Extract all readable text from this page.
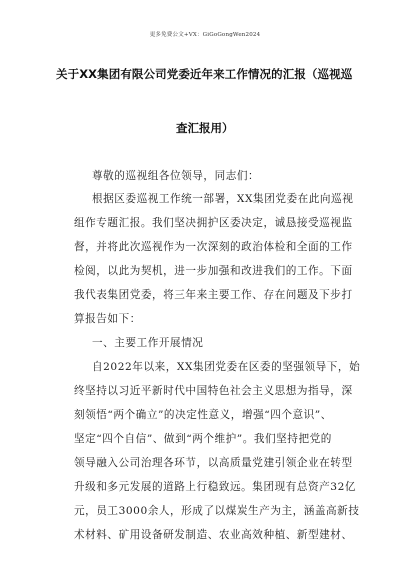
更多免费公文+VX：GiGoGongWen2024
关于XX集团有限公司党委近年来工作情况的汇报（巡视巡
查汇报用）
尊敬的巡视组各位领导，同志们：
根据区委巡视工作统一部署，XX集团党委在此向巡视
组作专题汇报。我们坚决拥护区委决定，诚恳接受巡视监
督，并将此次巡视作为一次深刻的政治体检和全面的工作
检阅，以此为契机，进一步加强和改进我们的工作。下面
我代表集团党委，将三年来主要工作、存在问题及下步打
算报告如下：
一、主要工作开展情况
自2022年以来，XX集团党委在区委的坚强领导下，始
终坚持以习近平新时代中国特色社会主义思想为指导，深
刻领悟“两个确立”的决定性意义，增强“四个意识”、
坚定“四个自信”、做到“两个维护”。我们坚持把党的
领导融入公司治理各环节，以高质量党建引领企业在转型
升级和多元发展的道路上行稳致远。集团现有总资产32亿
元，员工3000余人，形成了以煤炭生产为主，涵盖高新技
术材料、矿用设备研发制造、农业高效种植、新型建材、
